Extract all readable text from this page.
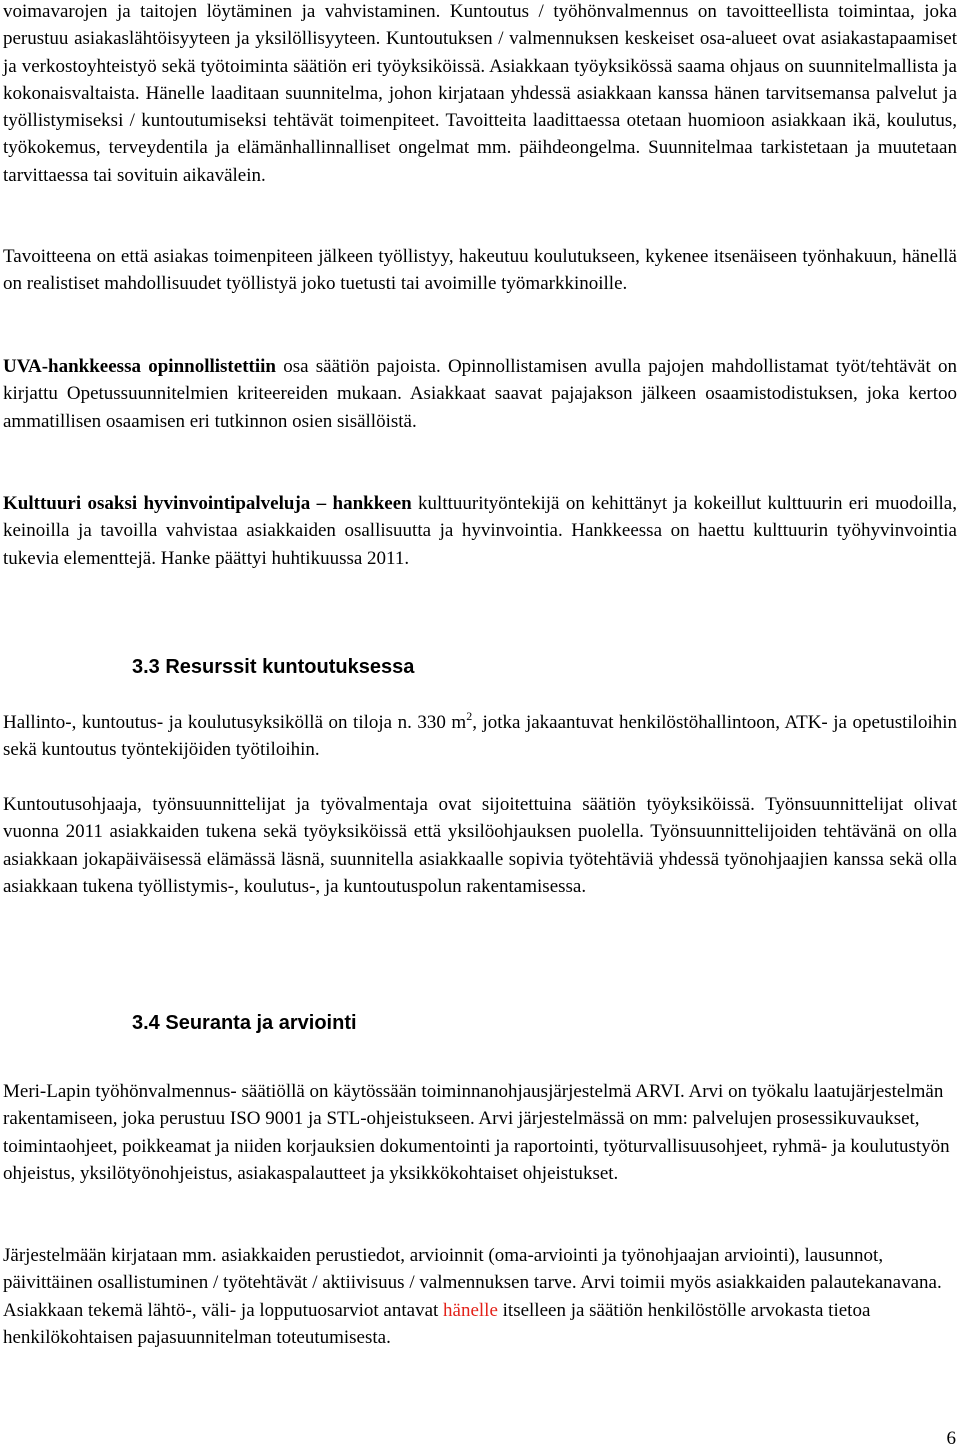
voimavarojen ja taitojen löytäminen ja vahvistaminen. Kuntoutus / työhönvalmennus on tavoitteellista toimintaa, joka perustuu asiakaslähtöisyyteen ja yksilöllisyyteen. Kuntoutuksen / valmennuksen keskeiset osa-alueet ovat asiakastapaamiset ja verkostoyhteistyö sekä työtoiminta säätiön eri työyksiköissä. Asiakkaan työyksikössä saama ohjaus on suunnitelmallista ja kokonaisvaltaista. Hänelle laaditaan suunnitelma, johon kirjataan yhdessä asiakkaan kanssa hänen tarvitsemansa palvelut ja työllistymiseksi / kuntoutumiseksi tehtävät toimenpiteet. Tavoitteita laadittaessa otetaan huomioon asiakkaan ikä, koulutus, työkokemus, terveydentila ja elämänhallinnalliset ongelmat mm. päihdeongelma. Suunnitelmaa tarkistetaan ja muutetaan tarvittaessa tai sovituin aikavälein.

Tavoitteena on että asiakas toimenpiteen jälkeen työllistyy, hakeutuu koulutukseen, kykenee itsenäiseen työnhakuun, hänellä on realistiset mahdollisuudet työllistyä joko tuetusti tai avoimille työmarkkinoille.

UVA-hankkeessa opinnollistettiin osa säätiön pajoista. Opinnollistamisen avulla pajojen mahdollistamat työt/tehtävät on kirjattu Opetussuunnitelmien kriteereiden mukaan. Asiakkaat saavat pajajakson jälkeen osaamistodistuksen, joka kertoo ammatillisen osaamisen eri tutkinnon osien sisällöistä.

Kulttuuri osaksi hyvinvointipalveluja – hankkeen kulttuurityöntekijä on kehittänyt ja kokeillut kulttuurin eri muodoilla, keinoilla ja tavoilla vahvistaa asiakkaiden osallisuutta ja hyvinvointia. Hankkeessa on haettu kulttuurin työhyvinvointia tukevia elementtejä. Hanke päättyi huhtikuussa 2011.

3.3 Resurssit kuntoutuksessa

Hallinto-, kuntoutus- ja koulutusyksiköllä on tiloja n. 330 $m^2$, jotka jakaantuvat henkilöstöhallintoon, ATK- ja opetustiloihin sekä kuntoutus työntekijöiden työtiloihin.

Kuntoutusohjaaja, työnsuunnittelijat ja työvalmentaja ovat sijoitettuina säätiön työyksiköissä. Työnsuunnittelijat olivat vuonna 2011 asiakkaiden tukena sekä työyksiköissä että yksilöohjauksen puolella. Työnsuunnittelijoiden tehtävänä on olla asiakkaan jokapäiväisessä elämässä läsnä, suunnitella asiakkaalle sopivia työtehtäviä yhdessä työnohjaajien kanssa sekä olla asiakkaan tukena työllistymis-, koulutus-, ja kuntoutuspolun rakentamisessa.

3.4 Seuranta ja arviointi

Meri-Lapin työhönvalmennus- säätiöllä on käytössään toiminnanohjausjärjestelmä ARVI. Arvi on työkalu laatujärjestelmän rakentamiseen, joka perustuu ISO 9001 ja STL-ohjeistukseen. Arvi järjestelmässä on mm: palvelujen prosessikuvaukset, toimintaohjeet, poikkeamat ja niiden korjauksien dokumentointi ja raportointi, työturvallisuusohjeet, ryhmä- ja koulutustyön ohjeistus, yksilötyönohjeistus, asiakaspalautteet ja yksikkökohtaiset ohjeistukset.

Järjestelmään kirjataan mm. asiakkaiden perustiedot, arvioinnit (oma-arviointi ja työnohjaajan arviointi), lausunnot, päivittäinen osallistuminen / työtehtävät / aktiivisuus / valmennuksen tarve. Arvi toimii myös asiakkaiden palautekanavana. Asiakkaan tekemä lähtö-, väli- ja lopputuosarviot antavat hänelle itselleen ja säätiön henkilöstölle arvokasta tietoa henkilökohtaisen pajasuunnitelman toteutumisesta.

6
